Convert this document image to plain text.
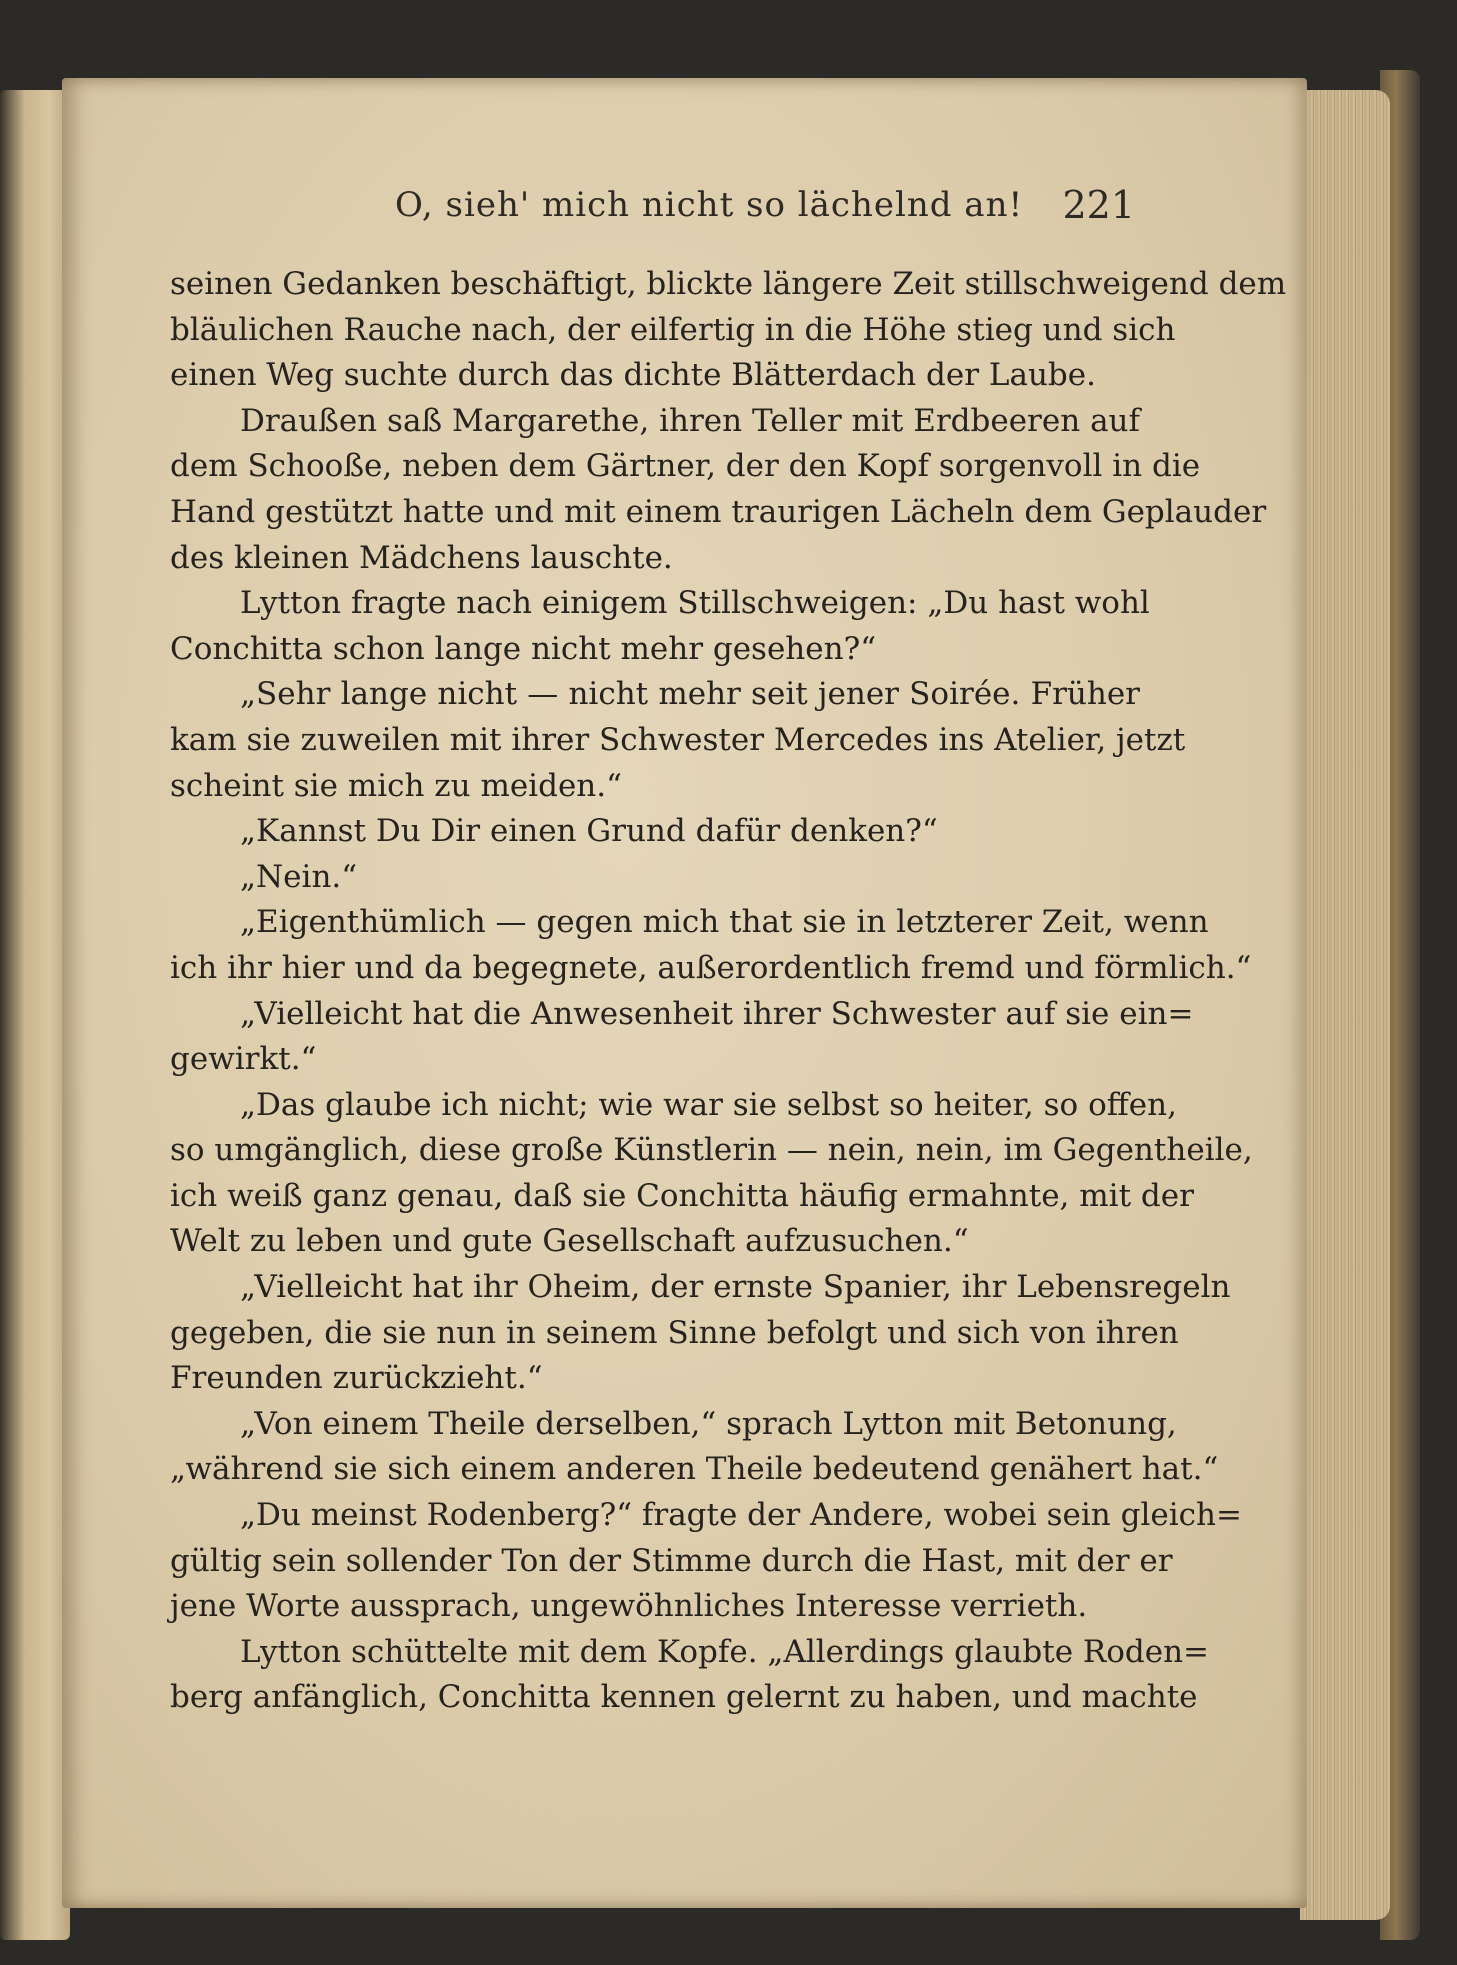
O, sieh' mich nicht so lächelnd an! 221
seinen Gedanken beschäftigt, blickte längere Zeit stillschweigend dem
bläulichen Rauche nach, der eilfertig in die Höhe stieg und sich
einen Weg suchte durch das dichte Blätterdach der Laube.
Draußen saß Margarethe, ihren Teller mit Erdbeeren auf
dem Schooße, neben dem Gärtner, der den Kopf sorgenvoll in die
Hand gestützt hatte und mit einem traurigen Lächeln dem Geplauder
des kleinen Mädchens lauschte.
Lytton fragte nach einigem Stillschweigen: „Du hast wohl
Conchitta schon lange nicht mehr gesehen?“
„Sehr lange nicht — nicht mehr seit jener Soirée. Früher
kam sie zuweilen mit ihrer Schwester Mercedes ins Atelier, jetzt
scheint sie mich zu meiden.“
„Kannst Du Dir einen Grund dafür denken?“
„Nein.“
„Eigenthümlich — gegen mich that sie in letzterer Zeit, wenn
ich ihr hier und da begegnete, außerordentlich fremd und förmlich.“
„Vielleicht hat die Anwesenheit ihrer Schwester auf sie ein=
gewirkt.“
„Das glaube ich nicht; wie war sie selbst so heiter, so offen,
so umgänglich, diese große Künstlerin — nein, nein, im Gegentheile,
ich weiß ganz genau, daß sie Conchitta häufig ermahnte, mit der
Welt zu leben und gute Gesellschaft aufzusuchen.“
„Vielleicht hat ihr Oheim, der ernste Spanier, ihr Lebensregeln
gegeben, die sie nun in seinem Sinne befolgt und sich von ihren
Freunden zurückzieht.“
„Von einem Theile derselben,“ sprach Lytton mit Betonung,
„während sie sich einem anderen Theile bedeutend genähert hat.“
„Du meinst Rodenberg?“ fragte der Andere, wobei sein gleich=
gültig sein sollender Ton der Stimme durch die Hast, mit der er
jene Worte aussprach, ungewöhnliches Interesse verrieth.
Lytton schüttelte mit dem Kopfe. „Allerdings glaubte Roden=
berg anfänglich, Conchitta kennen gelernt zu haben, und machte
